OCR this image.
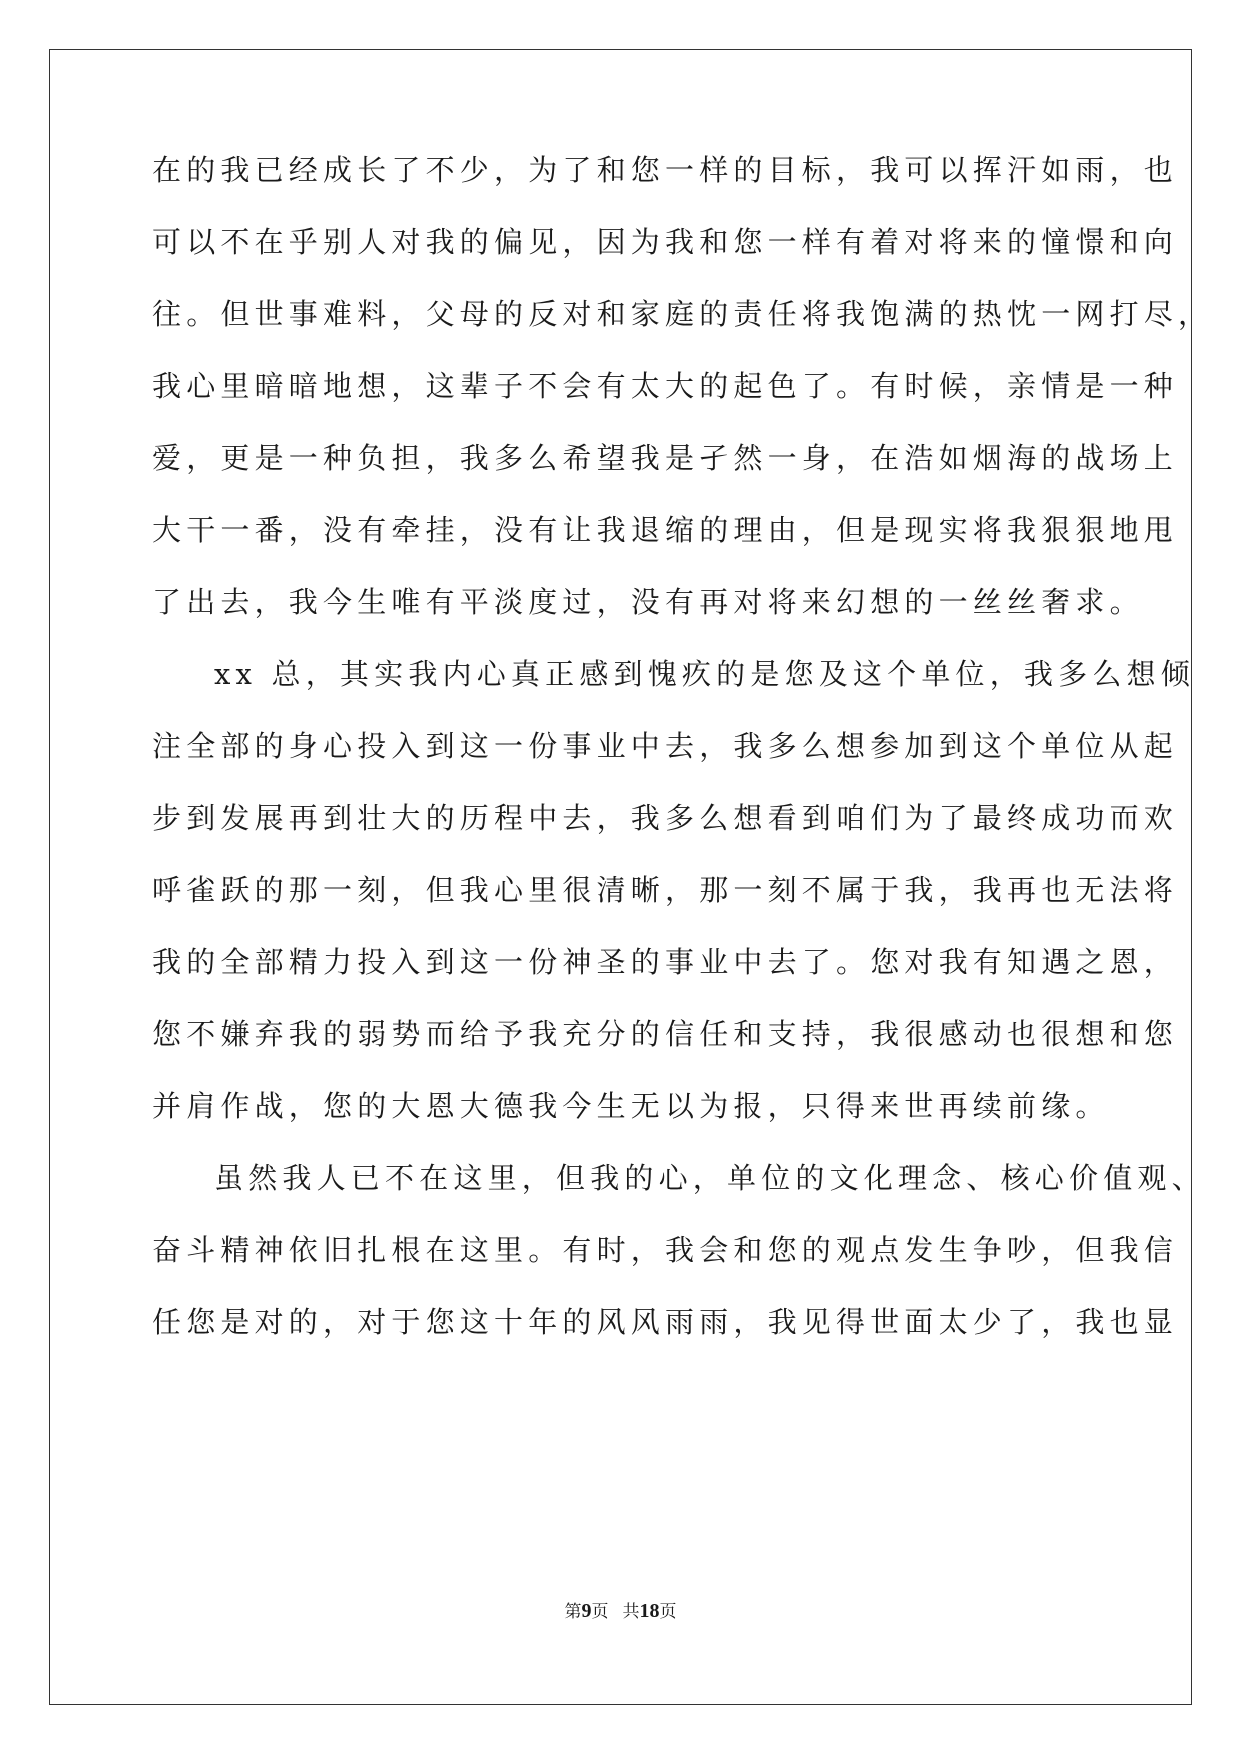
在的我已经成长了不少，为了和您一样的目标，我可以挥汗如雨，也
可以不在乎别人对我的偏见，因为我和您一样有着对将来的憧憬和向
往。但世事难料，父母的反对和家庭的责任将我饱满的热忱一网打尽，
我心里暗暗地想，这辈子不会有太大的起色了。有时候，亲情是一种
爱，更是一种负担，我多么希望我是孑然一身，在浩如烟海的战场上
大干一番，没有牵挂，没有让我退缩的理由，但是现实将我狠狠地甩
了出去，我今生唯有平淡度过，没有再对将来幻想的一丝丝奢求。
xx 总，其实我内心真正感到愧疚的是您及这个单位，我多么想倾
注全部的身心投入到这一份事业中去，我多么想参加到这个单位从起
步到发展再到壮大的历程中去，我多么想看到咱们为了最终成功而欢
呼雀跃的那一刻，但我心里很清晰，那一刻不属于我，我再也无法将
我的全部精力投入到这一份神圣的事业中去了。您对我有知遇之恩，
您不嫌弃我的弱势而给予我充分的信任和支持，我很感动也很想和您
并肩作战，您的大恩大德我今生无以为报，只得来世再续前缘。
虽然我人已不在这里，但我的心，单位的文化理念、核心价值观、
奋斗精神依旧扎根在这里。有时，我会和您的观点发生争吵，但我信
任您是对的，对于您这十年的风风雨雨，我见得世面太少了，我也显
第9页 共18页
